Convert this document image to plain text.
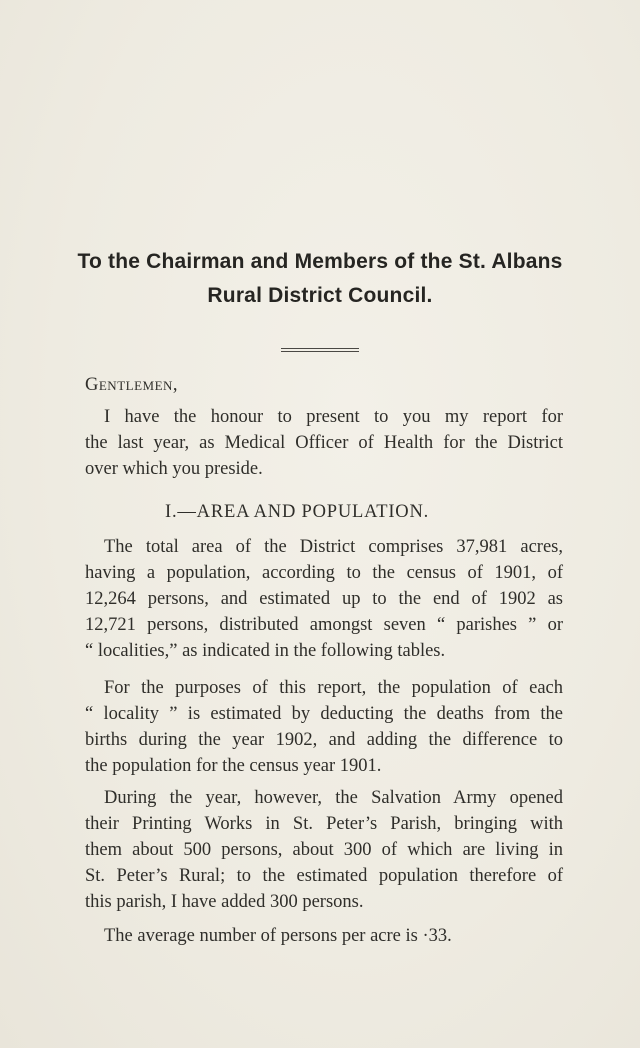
To the Chairman and Members of the St. Albans
Rural District Council.
Gentlemen,

I have the honour to present to you my report for
the last year, as Medical Officer of Health for the District
over which you preside.

I.—AREA AND POPULATION.

The total area of the District comprises 37,981 acres,
having a population, according to the census of 1901, of
12,264 persons, and estimated up to the end of 1902 as
12,721 persons, distributed amongst seven “ parishes ” or
“ localities,” as indicated in the following tables.

For the purposes of this report, the population of each
“ locality ” is estimated by deducting the deaths from the
births during the year 1902, and adding the difference to
the population for the census year 1901.

During the year, however, the Salvation Army opened
their Printing Works in St. Peter’s Parish, bringing with
them about 500 persons, about 300 of which are living in
St. Peter’s Rural; to the estimated population therefore of
this parish, I have added 300 persons.

The average number of persons per acre is ·33.
